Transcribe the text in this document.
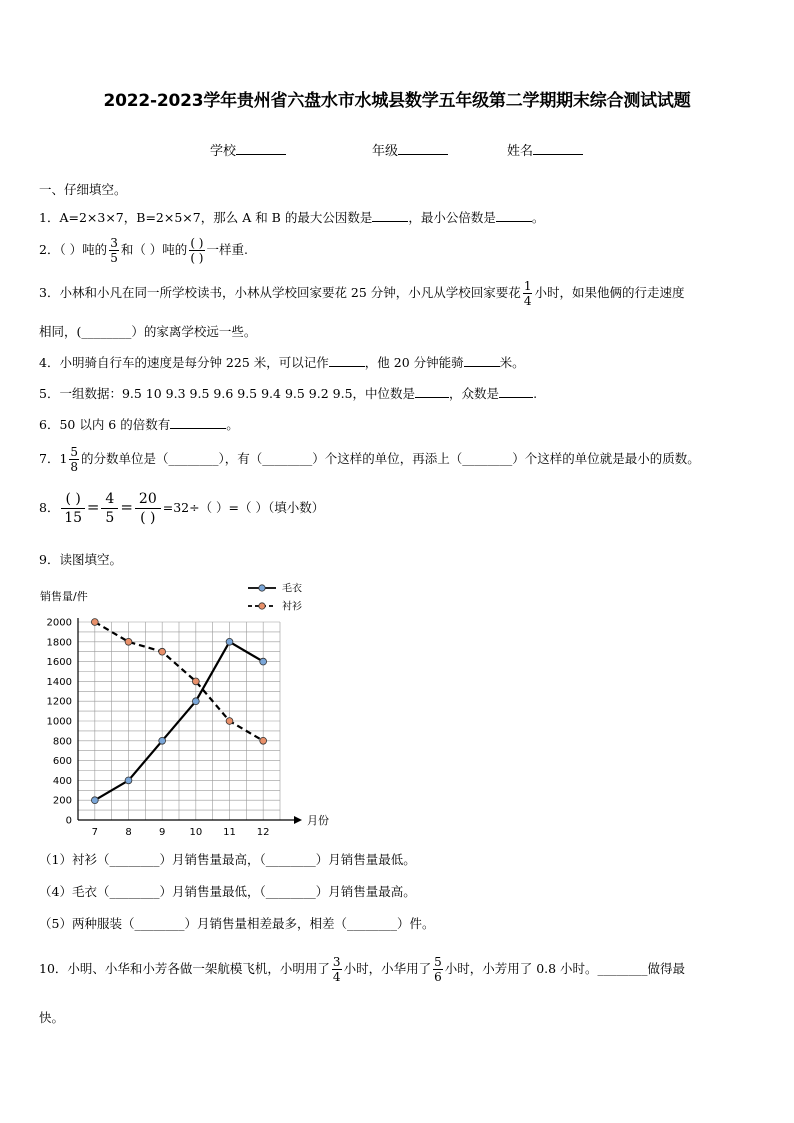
2022-2023学年贵州省六盘水市水城县数学五年级第二学期期末综合测试试题
学校	年级	姓名
一、仔细填空。
1．A=2×3×7，B=2×5×7，那么 A 和 B 的最大公因数是	，最小公倍数是	。
2．（ ）吨的 $\frac{3}{5}$ 和（ ）吨的 $\frac{( )}{( )}$ 一样重.
3．小林和小凡在同一所学校读书，小林从学校回家要花 25 分钟，小凡从学校回家要花 $\frac{1}{4}$ 小时，如果他俩的行走速度
相同，(________）的家离学校远一些。
4．小明骑自行车的速度是每分钟 225 米，可以记作	，他 20 分钟能骑	米。
5．一组数据：9.5 10 9.3 9.5 9.6 9.5 9.4 9.5 9.2 9.5，中位数是	，众数是	.
6．50 以内 6 的倍数有	。
7．$1 \frac{5}{8}$ 的分数单位是（________），有（________）个这样的单位，再添上（________）个这样的单位就是最小的质数。
8． $\frac{( )}{15} = \frac{4}{5} = \frac{20}{( )} =32\div$（ ）=（ ）（填小数）
9．读图填空。
0
200
400
600
800
1000
1200
1400
1600
1800
2000
7	8	9 10 11 12
销售量/件
月份
毛衣
衬衫
（1）衬衫（________）月销售量最高，（________）月销售量最低。
（4）毛衣（________）月销售量最低，（________）月销售量最高。
（5）两种服装（________）月销售量相差最多，相差（________）件。
10．小明、小华和小芳各做一架航模飞机，小明用了 $\frac{3}{4}$ 小时，小华用了 $\frac{5}{6}$ 小时，小芳用了 0.8 小时。________做得最
快。
